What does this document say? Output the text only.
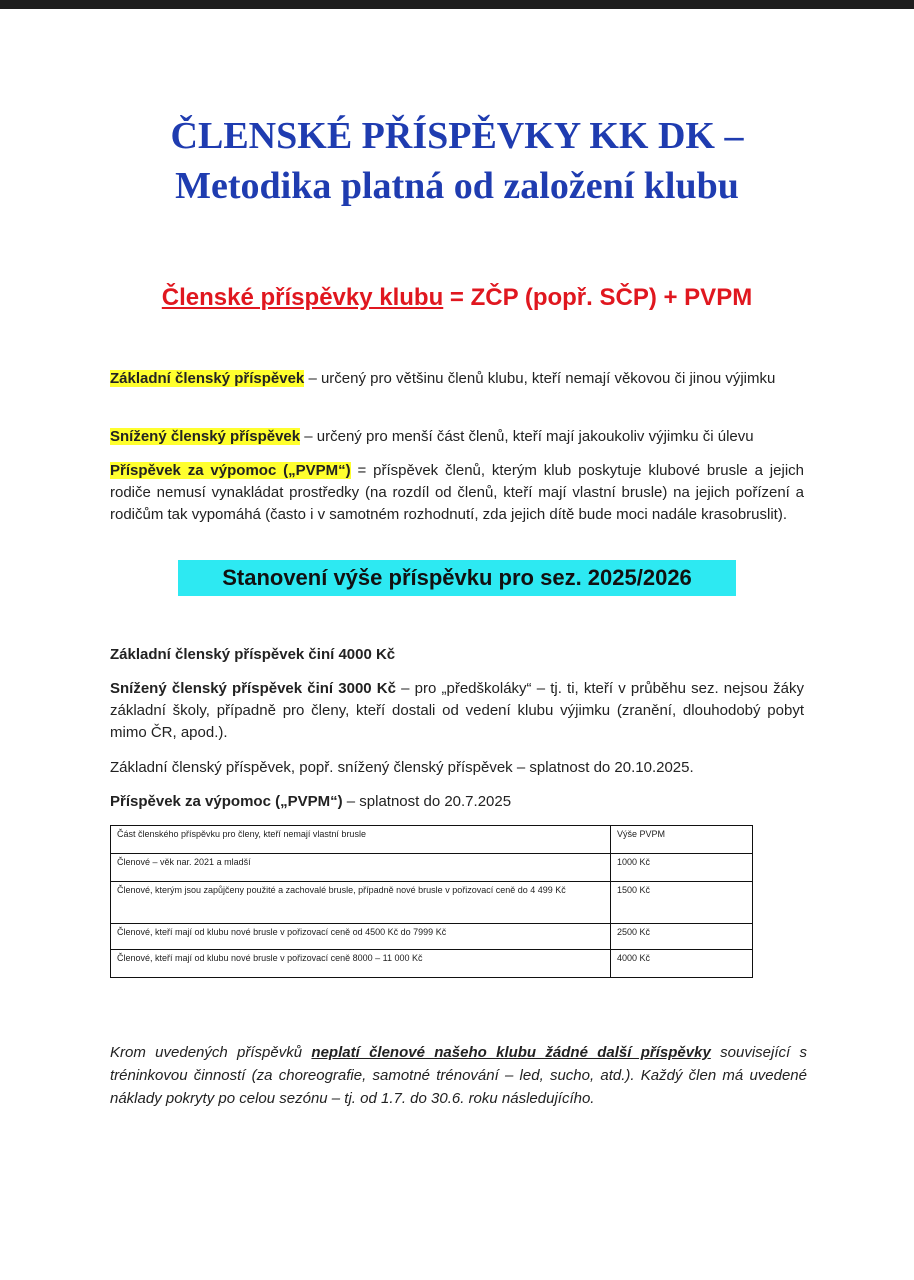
ČLENSKÉ PŘÍSPĚVKY KK DK –
Metodika platná od založení klubu
Členské příspěvky klubu = ZČP (popř. SČP) + PVPM
Základní členský příspěvek – určený pro většinu členů klubu, kteří nemají věkovou či jinou výjimku
Snížený členský příspěvek – určený pro menší část členů, kteří mají jakoukoliv výjimku či úlevu
Příspěvek za výpomoc („PVPM“) = příspěvek členů, kterým klub poskytuje klubové brusle a jejich rodiče nemusí vynakládat prostředky (na rozdíl od členů, kteří mají vlastní brusle) na jejich pořízení a rodičům tak vypomáhá (často i v samotném rozhodnutí, zda jejich dítě bude moci nadále krasobruslit).
Stanovení výše příspěvku pro sez. 2025/2026
Základní členský příspěvek činí 4000 Kč
Snížený členský příspěvek činí 3000 Kč – pro „předškoláky“ – tj. ti, kteří v průběhu sez. nejsou žáky základní školy, případně pro členy, kteří dostali od vedení klubu výjimku (zranění, dlouhodobý pobyt mimo ČR, apod.).
Základní členský příspěvek, popř. snížený členský příspěvek – splatnost do 20.10.2025.
Příspěvek za výpomoc („PVPM“) – splatnost do 20.7.2025
Část členského příspěvku pro členy, kteří nemají vlastní brusle	Výše PVPM
Členové – věk nar. 2021 a mladší	1000 Kč
Členové, kterým jsou zapůjčeny použité a zachovalé brusle, případně nové brusle v pořizovací ceně do 4 499 Kč	1500 Kč
Členové, kteří mají od klubu nové brusle v pořizovací ceně od 4500 Kč do 7999 Kč	2500 Kč
Členové, kteří mají od klubu nové brusle v pořizovací ceně 8000 – 11 000 Kč	4000 Kč
Krom uvedených příspěvků neplatí členové našeho klubu žádné další příspěvky související s tréninkovou činností (za choreografie, samotné trénování – led, sucho, atd.). Každý člen má uvedené náklady pokryty po celou sezónu – tj. od 1.7. do 30.6. roku následujícího.
